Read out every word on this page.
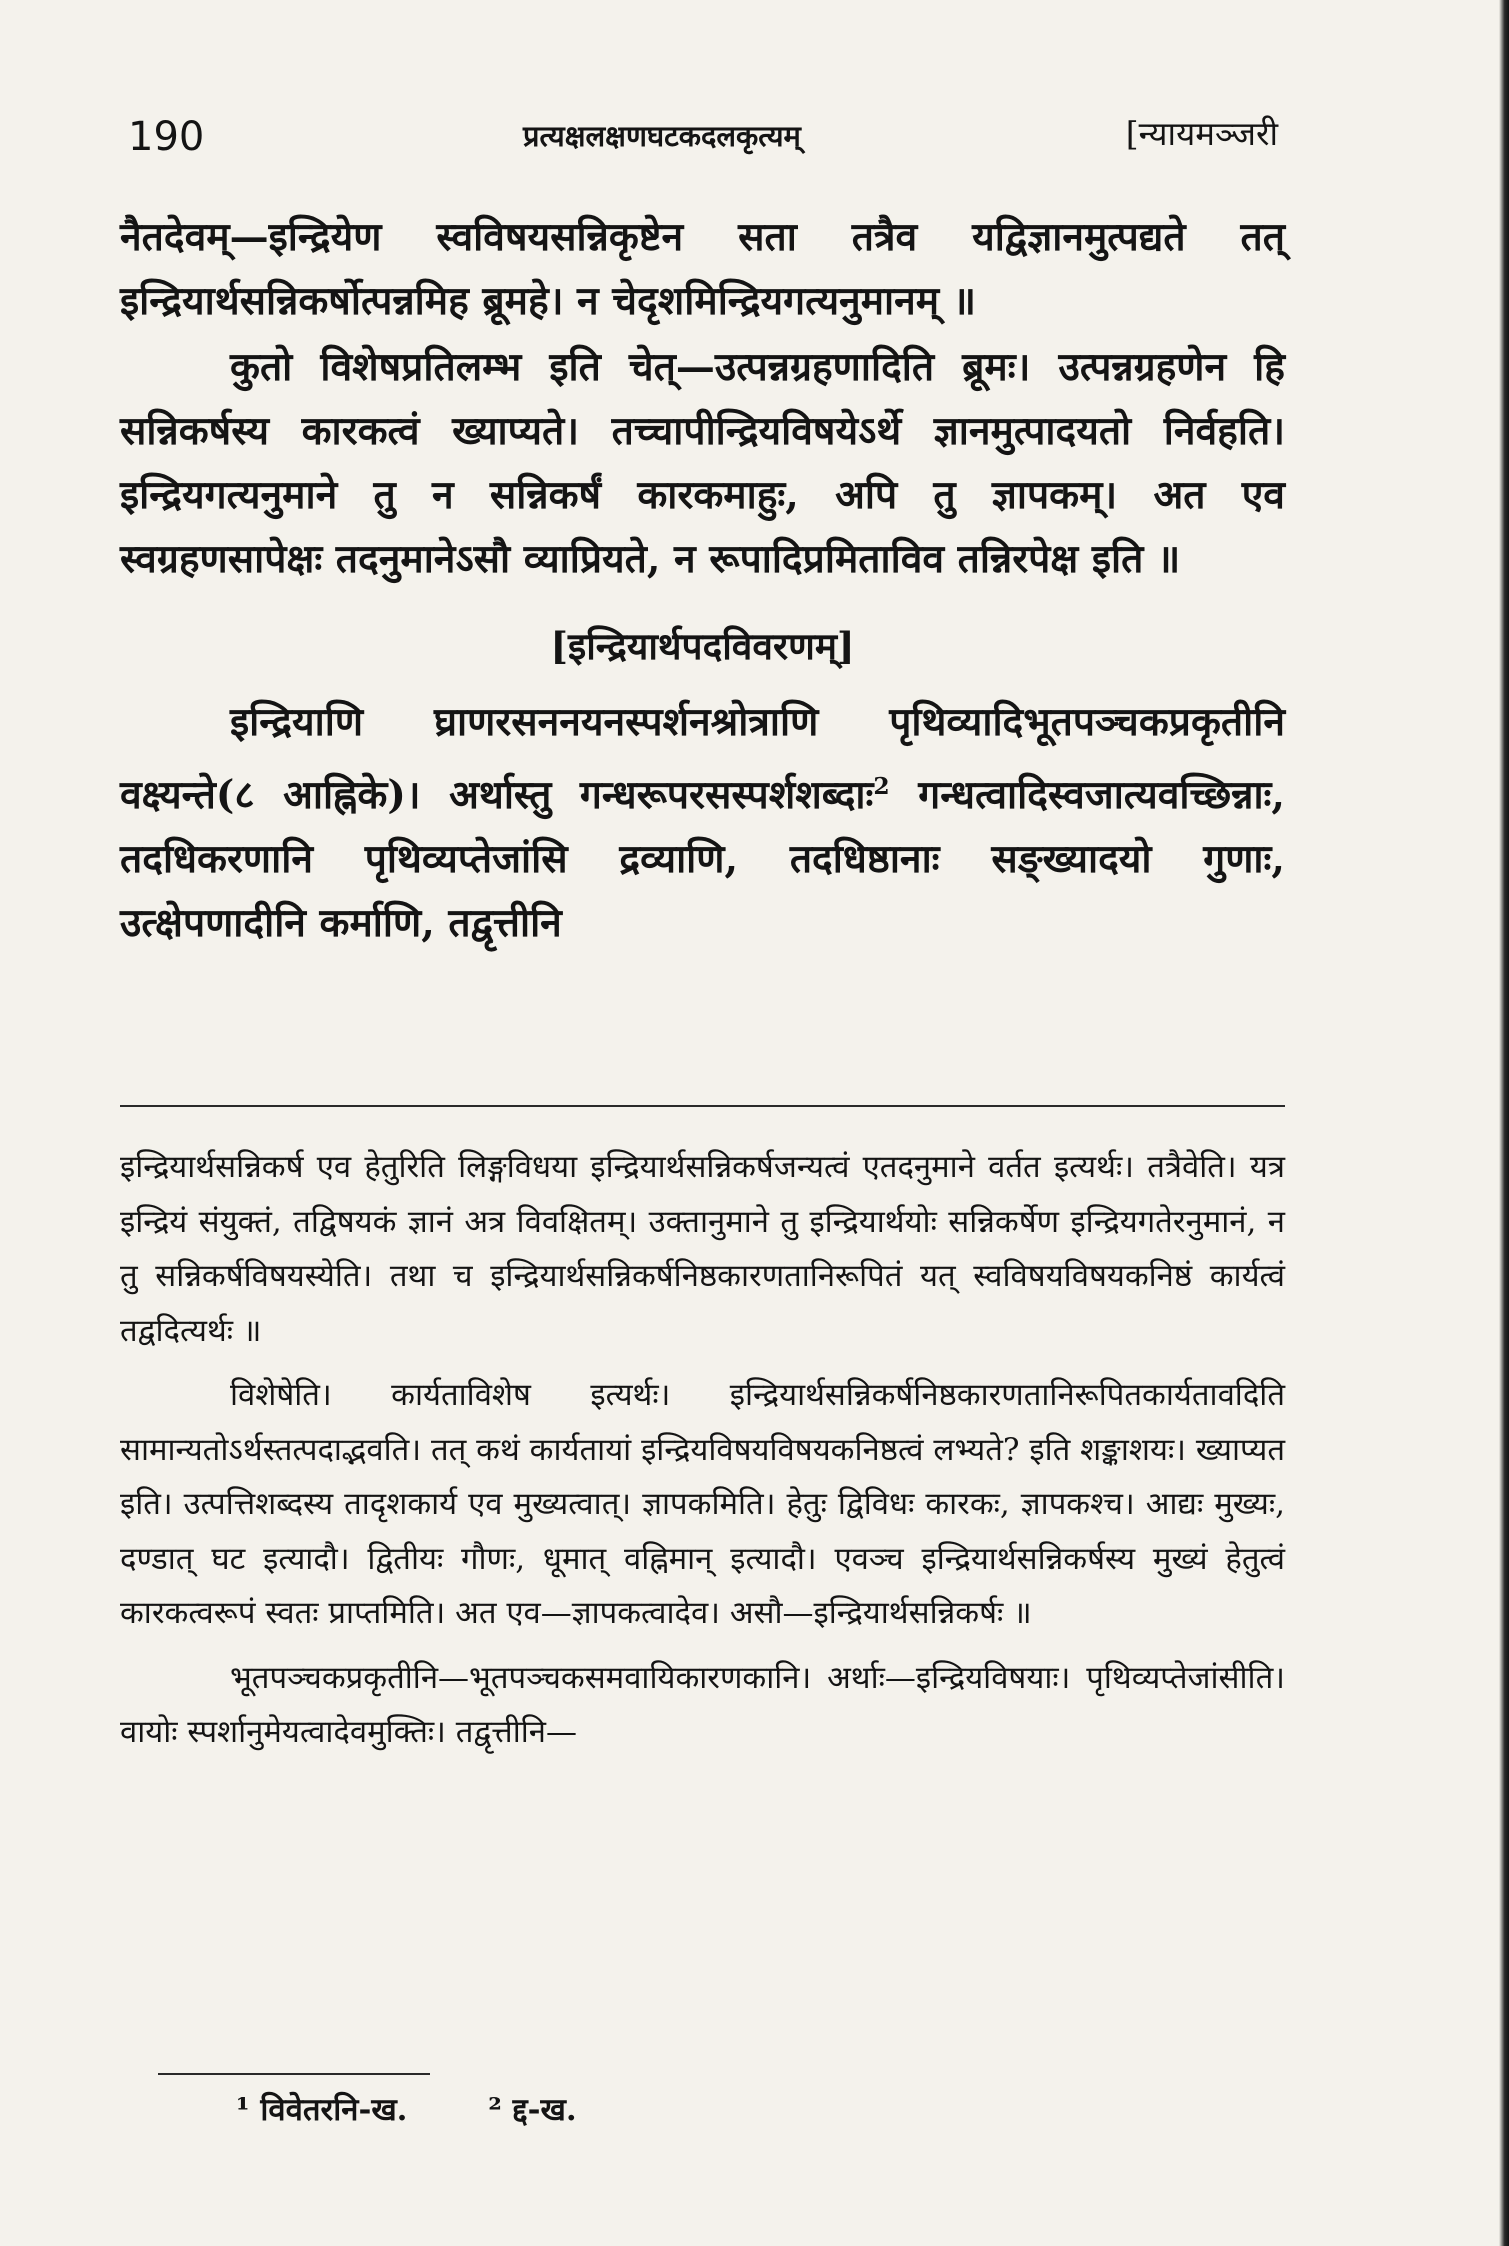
190	प्रत्यक्षलक्षणघटकदलकृत्यम्	[न्यायमञ्जरी

नैतदेवम्—इन्द्रियेण स्वविषयसन्निकृष्टेन सता तत्रैव यद्विज्ञानमुत्पद्यते तत् इन्द्रियार्थसन्निकर्षोत्पन्नमिह ब्रूमहे। न चेदृशमिन्द्रियगत्यनुमानम् ॥

कुतो विशेषप्रतिलम्भ इति चेत्—उत्पन्नग्रहणादिति ब्रूमः। उत्पन्नग्रहणेन हि सन्निकर्षस्य कारकत्वं ख्याप्यते। तच्चापीन्द्रियविषयेऽर्थे ज्ञानमुत्पादयतो निर्वहति। इन्द्रियगत्यनुमाने तु न सन्निकर्षं कारकमाहुः, अपि तु ज्ञापकम्। अत एव स्वग्रहणसापेक्षः तदनुमानेऽसौ व्याप्रियते, न रूपादिप्रमिताविव तन्निरपेक्ष इति ॥

[इन्द्रियार्थपदविवरणम्]

इन्द्रियाणि घ्राणरसननयनस्पर्शनश्रोत्राणि पृथिव्यादिभूतपञ्चकप्रकृतीनि वक्ष्यन्ते(८ आह्निके)। अर्थास्तु गन्धरूपरसस्पर्शशब्दाः$^2$ गन्धत्वादिस्वजात्यवच्छिन्नाः, तदधिकरणानि पृथिव्यप्तेजांसि द्रव्याणि, तदधिष्ठानाः सङ्ख्यादयो गुणाः, उत्क्षेपणादीनि कर्माणि, तद्वृत्तीनि

इन्द्रियार्थसन्निकर्ष एव हेतुरिति लिङ्गविधया इन्द्रियार्थसन्निकर्षजन्यत्वं एतदनुमाने वर्तत इत्यर्थः। तत्रैवेति। यत्र इन्द्रियं संयुक्तं, तद्विषयकं ज्ञानं अत्र विवक्षितम्। उक्तानुमाने तु इन्द्रियार्थयोः सन्निकर्षेण इन्द्रियगतेरनुमानं, न तु सन्निकर्षविषयस्येति। तथा च इन्द्रियार्थसन्निकर्षनिष्ठकारणतानिरूपितं यत् स्वविषयविषयकनिष्ठं कार्यत्वं तद्वदित्यर्थः ॥

विशेषेति। कार्यताविशेष इत्यर्थः। इन्द्रियार्थसन्निकर्षनिष्ठकारणतानिरूपितकार्यतावदिति सामान्यतोऽर्थस्तत्पदाद्भवति। तत् कथं कार्यतायां इन्द्रियविषयविषयकनिष्ठत्वं लभ्यते? इति शङ्काशयः। ख्याप्यत इति। उत्पत्तिशब्दस्य तादृशकार्य एव मुख्यत्वात्। ज्ञापकमिति। हेतुः द्विविधः कारकः, ज्ञापकश्च। आद्यः मुख्यः, दण्डात् घट इत्यादौ। द्वितीयः गौणः, धूमात् वह्निमान् इत्यादौ। एवञ्च इन्द्रियार्थसन्निकर्षस्य मुख्यं हेतुत्वं कारकत्वरूपं स्वतः प्राप्तमिति। अत एव—ज्ञापकत्वादेव। असौ—इन्द्रियार्थसन्निकर्षः ॥

भूतपञ्चकप्रकृतीनि—भूतपञ्चकसमवायिकारणकानि। अर्थाः—इन्द्रियविषयाः। पृथिव्यप्तेजांसीति। वायोः स्पर्शानुमेयत्वादेवमुक्तिः। तद्वृत्तीनि—

¹ विवेतरनि-ख.	² द्द-ख.
